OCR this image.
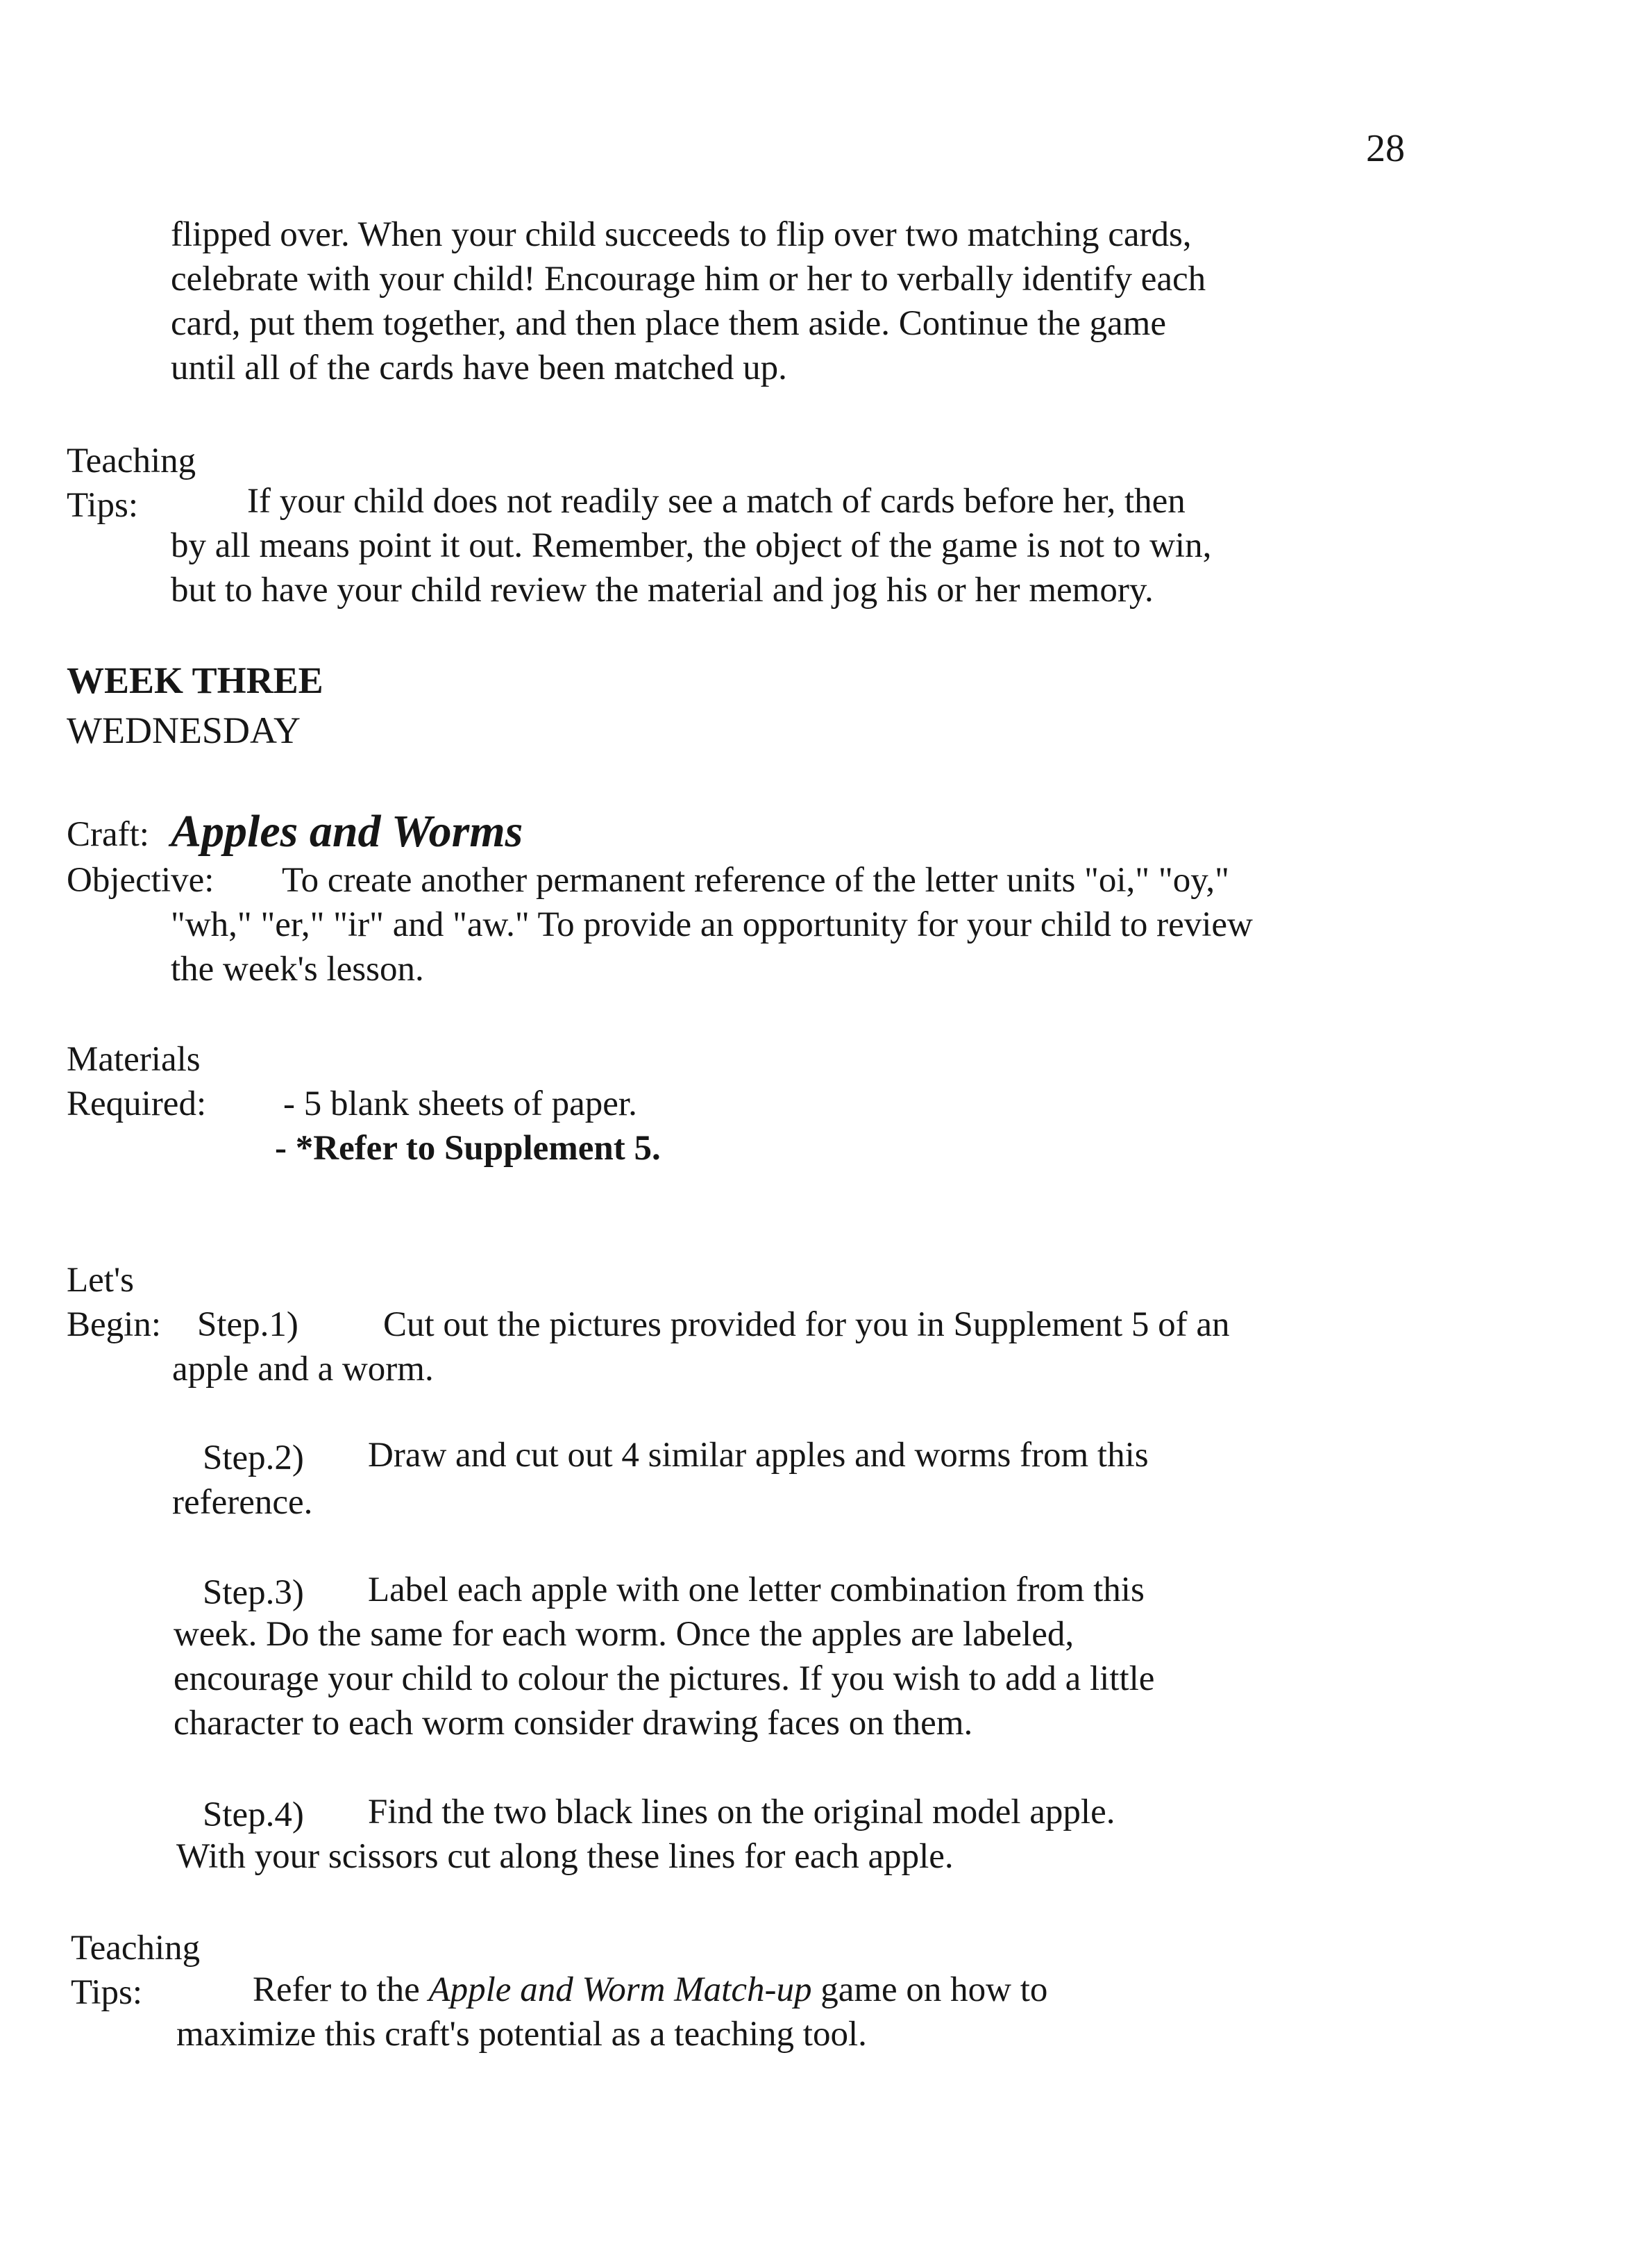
28
flipped over. When your child succeeds to flip over two matching cards,
celebrate with your child! Encourage him or her to verbally identify each
card, put them together, and then place them aside. Continue the game
until all of the cards have been matched up.
Teaching
Tips:	If your child does not readily see a match of cards before her, then
by all means point it out. Remember, the object of the game is not to win,
but to have your child review the material and jog his or her memory.
WEEK THREE
WEDNESDAY
Craft: Apples and Worms
Objective: To create another permanent reference of the letter units "oi," "oy,"
"wh," "er," "ir" and "aw." To provide an opportunity for your child to review
the week's lesson.
Materials
Required: - 5 blank sheets of paper.
- *Refer to Supplement 5.
Let's
Begin: Step.1) Cut out the pictures provided for you in Supplement 5 of an
apple and a worm.
Step.2) Draw and cut out 4 similar apples and worms from this
reference.
Step.3) Label each apple with one letter combination from this
week. Do the same for each worm. Once the apples are labeled,
encourage your child to colour the pictures. If you wish to add a little
character to each worm consider drawing faces on them.
Step.4) Find the two black lines on the original model apple.
With your scissors cut along these lines for each apple.
Teaching
Tips:	Refer to the Apple and Worm Match-up game on how to
maximize this craft's potential as a teaching tool.
